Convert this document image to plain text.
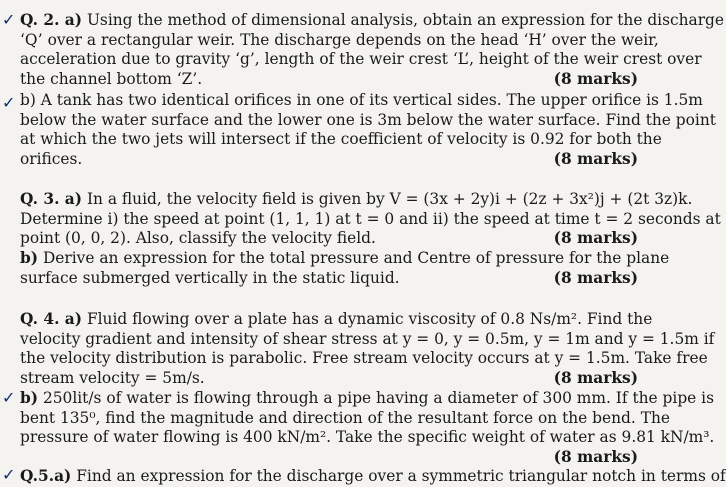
✓
✓
✓
✓
Q. 2. a) Using the method of dimensional analysis, obtain an expression for the discharge
‘Q’ over a rectangular weir. The discharge depends on the head ‘H’ over the weir,
acceleration due to gravity ‘g’, length of the weir crest ‘L’, height of the weir crest over
the channel bottom ‘Z’.	(8 marks)
b) A tank has two identical orifices in one of its vertical sides. The upper orifice is 1.5m
below the water surface and the lower one is 3m below the water surface. Find the point
at which the two jets will intersect if the coefficient of velocity is 0.92 for both the
orifices.	(8 marks)
Q. 3. a) In a fluid, the velocity field is given by V = (3x + 2y)i + (2z + 3x²)j + (2t 3z)k.
Determine i) the speed at point (1, 1, 1) at t = 0 and ii) the speed at time t = 2 seconds at
point (0, 0, 2). Also, classify the velocity field.	(8 marks)
b) Derive an expression for the total pressure and Centre of pressure for the plane
surface submerged vertically in the static liquid.	(8 marks)
Q. 4. a) Fluid flowing over a plate has a dynamic viscosity of 0.8 Ns/m². Find the
velocity gradient and intensity of shear stress at y = 0, y = 0.5m, y = 1m and y = 1.5m if
the velocity distribution is parabolic. Free stream velocity occurs at y = 1.5m. Take free
stream velocity = 5m/s.	(8 marks)
b) 250lit/s of water is flowing through a pipe having a diameter of 300 mm. If the pipe is
bent 135⁰, find the magnitude and direction of the resultant force on the bend. The
pressure of water flowing is 400 kN/m². Take the specific weight of water as 9.81 kN/m³.
(8 marks)

Q.5.a) Find an expression for the discharge over a symmetric triangular notch in terms of
